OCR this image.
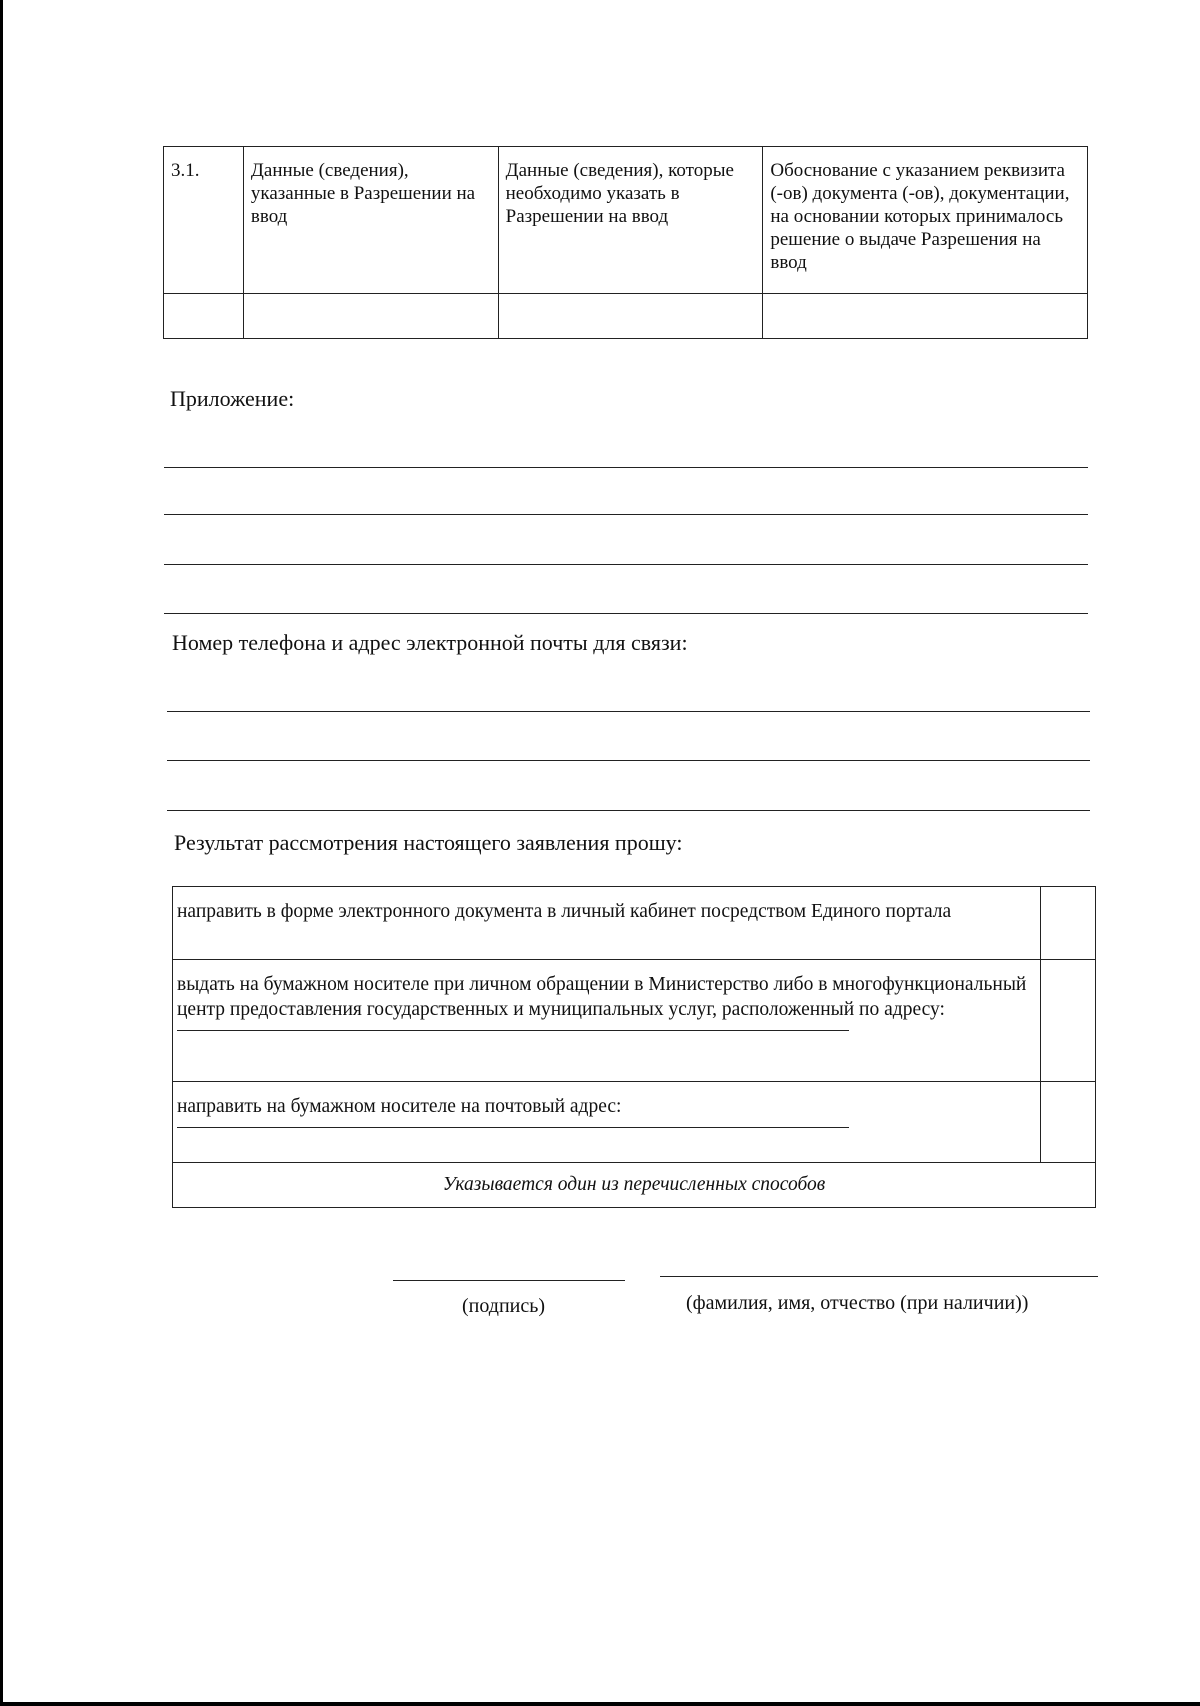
3.1.	Данные (сведения), указанные в Разрешении на ввод	Данные (сведения), которые необходимо указать в Разрешении на ввод	Обоснование с указанием реквизита (-ов) документа (-ов), документации, на основании которых принималось решение о выдаче Разрешения на ввод

Приложение:
Номер телефона и адрес электронной почты для связи:
Результат рассмотрения настоящего заявления прошу:
направить в форме электронного документа в личный кабинет посредством Единого портала	
выдать на бумажном носителе при личном обращении в Министерство либо в многофункциональный центр предоставления государственных и муниципальных услуг, расположенный по адресу:

направить на бумажном носителе на почтовый адрес:

Указывается один из перечисленных способов	
(подпись)	(фамилия, имя, отчество (при наличии))
